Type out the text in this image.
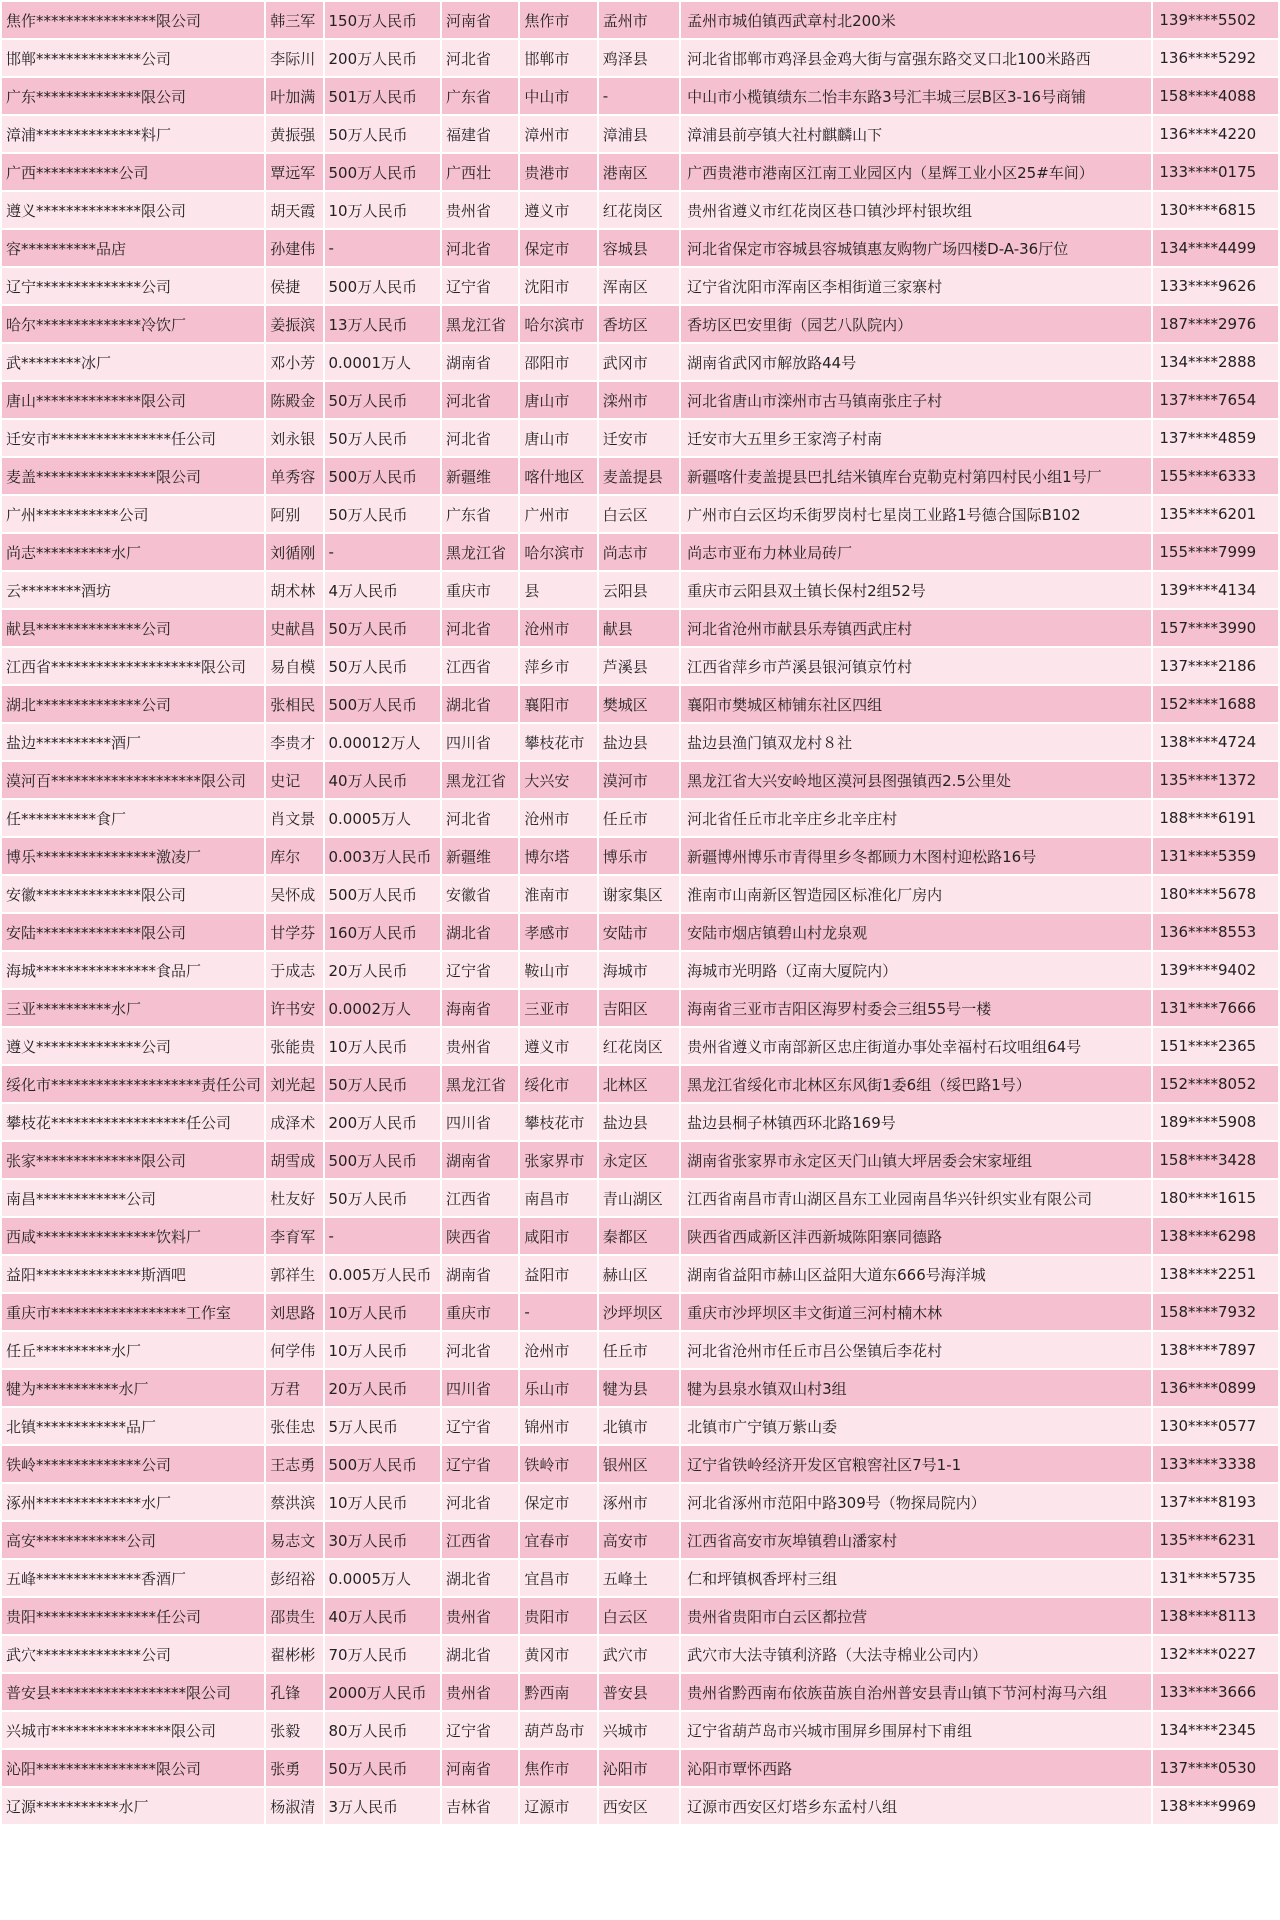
焦作****************限公司	韩三军	150万人民币	河南省	焦作市	孟州市	孟州市城伯镇西武章村北200米	139****5502
邯郸**************公司	李际川	200万人民币	河北省	邯郸市	鸡泽县	河北省邯郸市鸡泽县金鸡大街与富强东路交叉口北100米路西	136****5292
广东**************限公司	叶加满	501万人民币	广东省	中山市	-	中山市小榄镇绩东二怡丰东路3号汇丰城三层B区3-16号商铺	158****4088
漳浦**************料厂	黄振强	50万人民币	福建省	漳州市	漳浦县	漳浦县前亭镇大社村麒麟山下	136****4220
广西***********公司	覃远军	500万人民币	广西壮	贵港市	港南区	广西贵港市港南区江南工业园区内（星辉工业小区25#车间）	133****0175
遵义**************限公司	胡天霞	10万人民币	贵州省	遵义市	红花岗区	贵州省遵义市红花岗区巷口镇沙坪村银坎组	130****6815
容**********品店	孙建伟	-	河北省	保定市	容城县	河北省保定市容城县容城镇惠友购物广场四楼D-A-36厅位	134****4499
辽宁**************公司	侯捷	500万人民币	辽宁省	沈阳市	浑南区	辽宁省沈阳市浑南区李相街道三家寨村	133****9626
哈尔**************冷饮厂	姜振滨	13万人民币	黑龙江省	哈尔滨市	香坊区	香坊区巴安里街（园艺八队院内）	187****2976
武********冰厂	邓小芳	0.0001万人	湖南省	邵阳市	武冈市	湖南省武冈市解放路44号	134****2888
唐山**************限公司	陈殿金	50万人民币	河北省	唐山市	滦州市	河北省唐山市滦州市古马镇南张庄子村	137****7654
迁安市****************任公司	刘永银	50万人民币	河北省	唐山市	迁安市	迁安市大五里乡王家湾子村南	137****4859
麦盖****************限公司	单秀容	500万人民币	新疆维	喀什地区	麦盖提县	新疆喀什麦盖提县巴扎结米镇库台克勒克村第四村民小组1号厂	155****6333
广州***********公司	阿别	50万人民币	广东省	广州市	白云区	广州市白云区均禾街罗岗村七星岗工业路1号德合国际B102	135****6201
尚志**********水厂	刘循刚	-	黑龙江省	哈尔滨市	尚志市	尚志市亚布力林业局砖厂	155****7999
云********酒坊	胡术林	4万人民币	重庆市	县	云阳县	重庆市云阳县双土镇长保村2组52号	139****4134
献县**************公司	史献昌	50万人民币	河北省	沧州市	献县	河北省沧州市献县乐寿镇西武庄村	157****3990
江西省********************限公司	易自模	50万人民币	江西省	萍乡市	芦溪县	江西省萍乡市芦溪县银河镇京竹村	137****2186
湖北**************公司	张相民	500万人民币	湖北省	襄阳市	樊城区	襄阳市樊城区柿铺东社区四组	152****1688
盐边**********酒厂	李贵才	0.00012万人	四川省	攀枝花市	盐边县	盐边县渔门镇双龙村８社	138****4724
漠河百********************限公司	史记	40万人民币	黑龙江省	大兴安	漠河市	黑龙江省大兴安岭地区漠河县图强镇西2.5公里处	135****1372
任**********食厂	肖文景	0.0005万人	河北省	沧州市	任丘市	河北省任丘市北辛庄乡北辛庄村	188****6191
博乐****************激凌厂	库尔	0.003万人民币	新疆维	博尔塔	博乐市	新疆博州博乐市青得里乡冬都顾力木图村迎松路16号	131****5359
安徽**************限公司	吴怀成	500万人民币	安徽省	淮南市	谢家集区	淮南市山南新区智造园区标准化厂房内	180****5678
安陆**************限公司	甘学芬	160万人民币	湖北省	孝感市	安陆市	安陆市烟店镇碧山村龙泉观	136****8553
海城****************食品厂	于成志	20万人民币	辽宁省	鞍山市	海城市	海城市光明路（辽南大厦院内）	139****9402
三亚**********水厂	许书安	0.0002万人	海南省	三亚市	吉阳区	海南省三亚市吉阳区海罗村委会三组55号一楼	131****7666
遵义**************公司	张能贵	10万人民币	贵州省	遵义市	红花岗区	贵州省遵义市南部新区忠庄街道办事处幸福村石坟咀组64号	151****2365
绥化市********************责任公司	刘光起	50万人民币	黑龙江省	绥化市	北林区	黑龙江省绥化市北林区东风街1委6组（绥巴路1号）	152****8052
攀枝花******************任公司	成泽术	200万人民币	四川省	攀枝花市	盐边县	盐边县桐子林镇西环北路169号	189****5908
张家**************限公司	胡雪成	500万人民币	湖南省	张家界市	永定区	湖南省张家界市永定区天门山镇大坪居委会宋家垭组	158****3428
南昌************公司	杜友好	50万人民币	江西省	南昌市	青山湖区	江西省南昌市青山湖区昌东工业园南昌华兴针织实业有限公司	180****1615
西咸****************饮料厂	李育军	-	陕西省	咸阳市	秦都区	陕西省西咸新区沣西新城陈阳寨同德路	138****6298
益阳**************斯酒吧	郭祥生	0.005万人民币	湖南省	益阳市	赫山区	湖南省益阳市赫山区益阳大道东666号海洋城	138****2251
重庆市******************工作室	刘思路	10万人民币	重庆市	-	沙坪坝区	重庆市沙坪坝区丰文街道三河村楠木林	158****7932
任丘**********水厂	何学伟	10万人民币	河北省	沧州市	任丘市	河北省沧州市任丘市吕公堡镇后李花村	138****7897
犍为***********水厂	万君	20万人民币	四川省	乐山市	犍为县	犍为县泉水镇双山村3组	136****0899
北镇************品厂	张佳忠	5万人民币	辽宁省	锦州市	北镇市	北镇市广宁镇万紫山委	130****0577
铁岭**************公司	王志勇	500万人民币	辽宁省	铁岭市	银州区	辽宁省铁岭经济开发区官粮窖社区7号1-1	133****3338
涿州**************水厂	蔡洪滨	10万人民币	河北省	保定市	涿州市	河北省涿州市范阳中路309号（物探局院内）	137****8193
高安************公司	易志文	30万人民币	江西省	宜春市	高安市	江西省高安市灰埠镇碧山潘家村	135****6231
五峰**************香酒厂	彭绍裕	0.0005万人	湖北省	宜昌市	五峰土	仁和坪镇枫香坪村三组	131****5735
贵阳****************任公司	邵贵生	40万人民币	贵州省	贵阳市	白云区	贵州省贵阳市白云区都拉营	138****8113
武穴**************公司	翟彬彬	70万人民币	湖北省	黄冈市	武穴市	武穴市大法寺镇利济路（大法寺棉业公司内）	132****0227
普安县******************限公司	孔锋	2000万人民币	贵州省	黔西南	普安县	贵州省黔西南布依族苗族自治州普安县青山镇下节河村海马六组	133****3666
兴城市****************限公司	张毅	80万人民币	辽宁省	葫芦岛市	兴城市	辽宁省葫芦岛市兴城市围屏乡围屏村下甫组	134****2345
沁阳****************限公司	张勇	50万人民币	河南省	焦作市	沁阳市	沁阳市覃怀西路	137****0530
辽源***********水厂	杨淑清	3万人民币	吉林省	辽源市	西安区	辽源市西安区灯塔乡东孟村八组	138****9969
